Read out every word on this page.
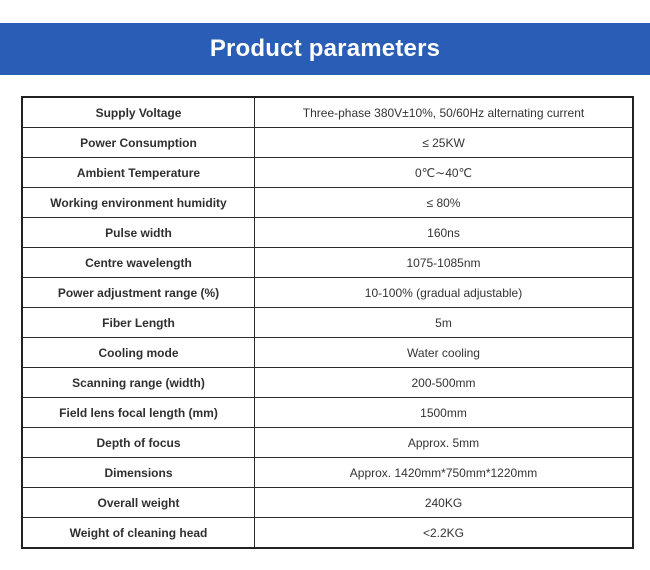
Product parameters
Supply Voltage	Three-phase 380V±10%, 50/60Hz alternating current
Power Consumption	≤ 25KW
Ambient Temperature	0℃∼40℃
Working environment humidity	≤ 80%
Pulse width	160ns
Centre wavelength	1075-1085nm
Power adjustment range (%)	10-100% (gradual adjustable)
Fiber Length	5m
Cooling mode	Water cooling
Scanning range (width)	200-500mm
Field lens focal length (mm)	1500mm
Depth of focus	Approx. 5mm
Dimensions	Approx. 1420mm*750mm*1220mm
Overall weight	240KG
Weight of cleaning head	<2.2KG
